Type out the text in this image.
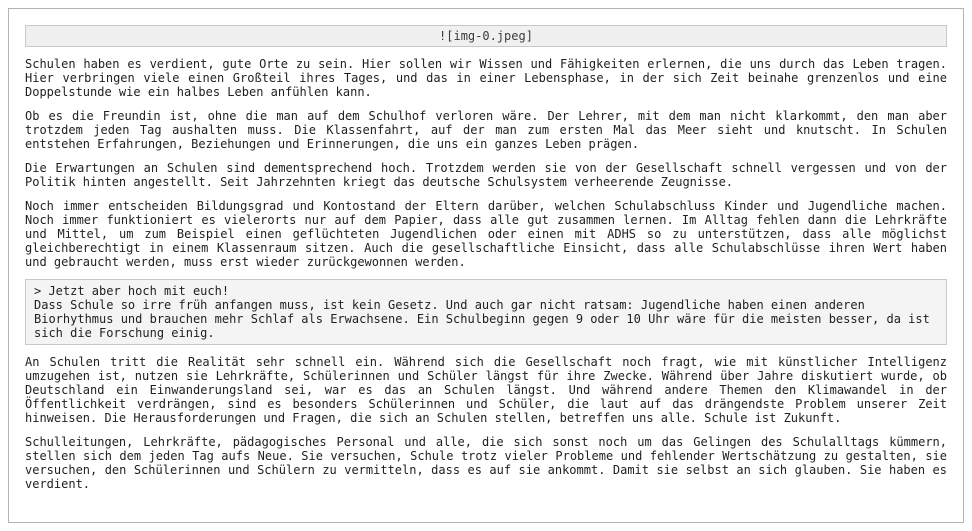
![img-0.jpeg]

Schulen haben es verdient, gute Orte zu sein. Hier sollen wir Wissen und Fähigkeiten erlernen, die uns durch das Leben tragen. Hier verbringen viele einen Großteil ihres Tages, und das in einer Lebensphase, in der sich Zeit beinahe grenzenlos und eine Doppelstunde wie ein halbes Leben anfühlen kann.

Ob es die Freundin ist, ohne die man auf dem Schulhof verloren wäre. Der Lehrer, mit dem man nicht klarkommt, den man aber trotzdem jeden Tag aushalten muss. Die Klassenfahrt, auf der man zum ersten Mal das Meer sieht und knutscht. In Schulen entstehen Erfahrungen, Beziehungen und Erinnerungen, die uns ein ganzes Leben prägen.

Die Erwartungen an Schulen sind dementsprechend hoch. Trotzdem werden sie von der Gesellschaft schnell vergessen und von der Politik hinten angestellt. Seit Jahrzehnten kriegt das deutsche Schulsystem verheerende Zeugnisse.

Noch immer entscheiden Bildungsgrad und Kontostand der Eltern darüber, welchen Schulabschluss Kinder und Jugendliche machen. Noch immer funktioniert es vielerorts nur auf dem Papier, dass alle gut zusammen lernen. Im Alltag fehlen dann die Lehrkräfte und Mittel, um zum Beispiel einen geflüchteten Jugendlichen oder einen mit ADHS so zu unterstützen, dass alle möglichst gleichberechtigt in einem Klassenraum sitzen. Auch die gesellschaftliche Einsicht, dass alle Schulabschlüsse ihren Wert haben und gebraucht werden, muss erst wieder zurückgewonnen werden.

> Jetzt aber hoch mit euch!
Dass Schule so irre früh anfangen muss, ist kein Gesetz. Und auch gar nicht ratsam: Jugendliche haben einen anderen Biorhythmus und brauchen mehr Schlaf als Erwachsene. Ein Schulbeginn gegen 9 oder 10 Uhr wäre für die meisten besser, da ist sich die Forschung einig.

An Schulen tritt die Realität sehr schnell ein. Während sich die Gesellschaft noch fragt, wie mit künstlicher Intelligenz umzugehen ist, nutzen sie Lehrkräfte, Schülerinnen und Schüler längst für ihre Zwecke. Während über Jahre diskutiert wurde, ob Deutschland ein Einwanderungsland sei, war es das an Schulen längst. Und während andere Themen den Klimawandel in der Öffentlichkeit verdrängen, sind es besonders Schülerinnen und Schüler, die laut auf das drängendste Problem unserer Zeit hinweisen. Die Herausforderungen und Fragen, die sich an Schulen stellen, betreffen uns alle. Schule ist Zukunft.

Schulleitungen, Lehrkräfte, pädagogisches Personal und alle, die sich sonst noch um das Gelingen des Schulalltags kümmern, stellen sich dem jeden Tag aufs Neue. Sie versuchen, Schule trotz vieler Probleme und fehlender Wertschätzung zu gestalten, sie versuchen, den Schülerinnen und Schülern zu vermitteln, dass es auf sie ankommt. Damit sie selbst an sich glauben. Sie haben es verdient.
